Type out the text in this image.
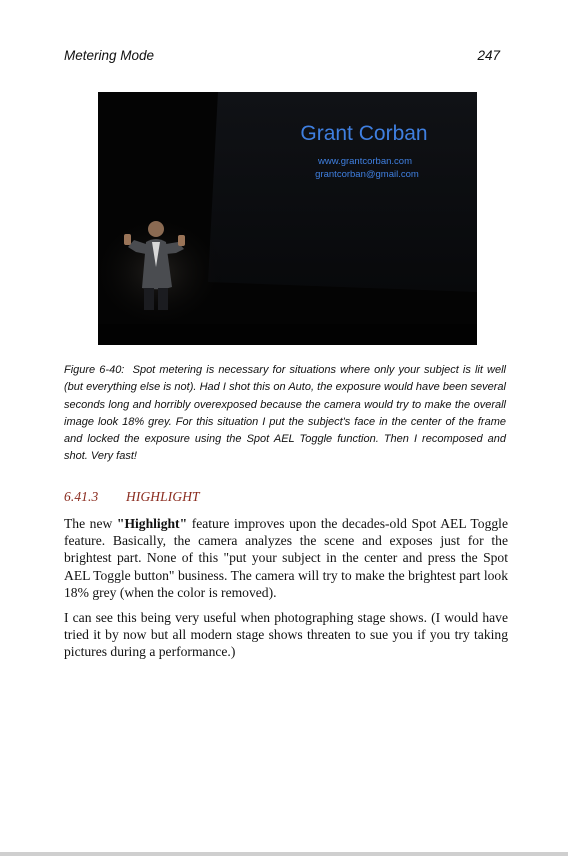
Metering Mode	247
Grant Corban
www.grantcorban.com
grantcorban@gmail.com
Figure 6-40: Spot metering is necessary for situations where only your subject is lit well (but everything else is not). Had I shot this on Auto, the exposure would have been several seconds long and horribly overexposed because the camera would try to make the overall image look 18% grey. For this situation I put the subject's face in the center of the frame and locked the exposure using the Spot AEL Toggle function. Then I recomposed and shot. Very fast!
6.41.3 HIGHLIGHT
The new "Highlight" feature improves upon the decades-old Spot AEL Toggle feature. Basically, the camera analyzes the scene and exposes just for the brightest part. None of this "put your subject in the center and press the Spot AEL Toggle button" business. The camera will try to make the brightest part look 18% grey (when the color is removed).
I can see this being very useful when photographing stage shows. (I would have tried it by now but all modern stage shows threaten to sue you if you try taking pictures during a performance.)
